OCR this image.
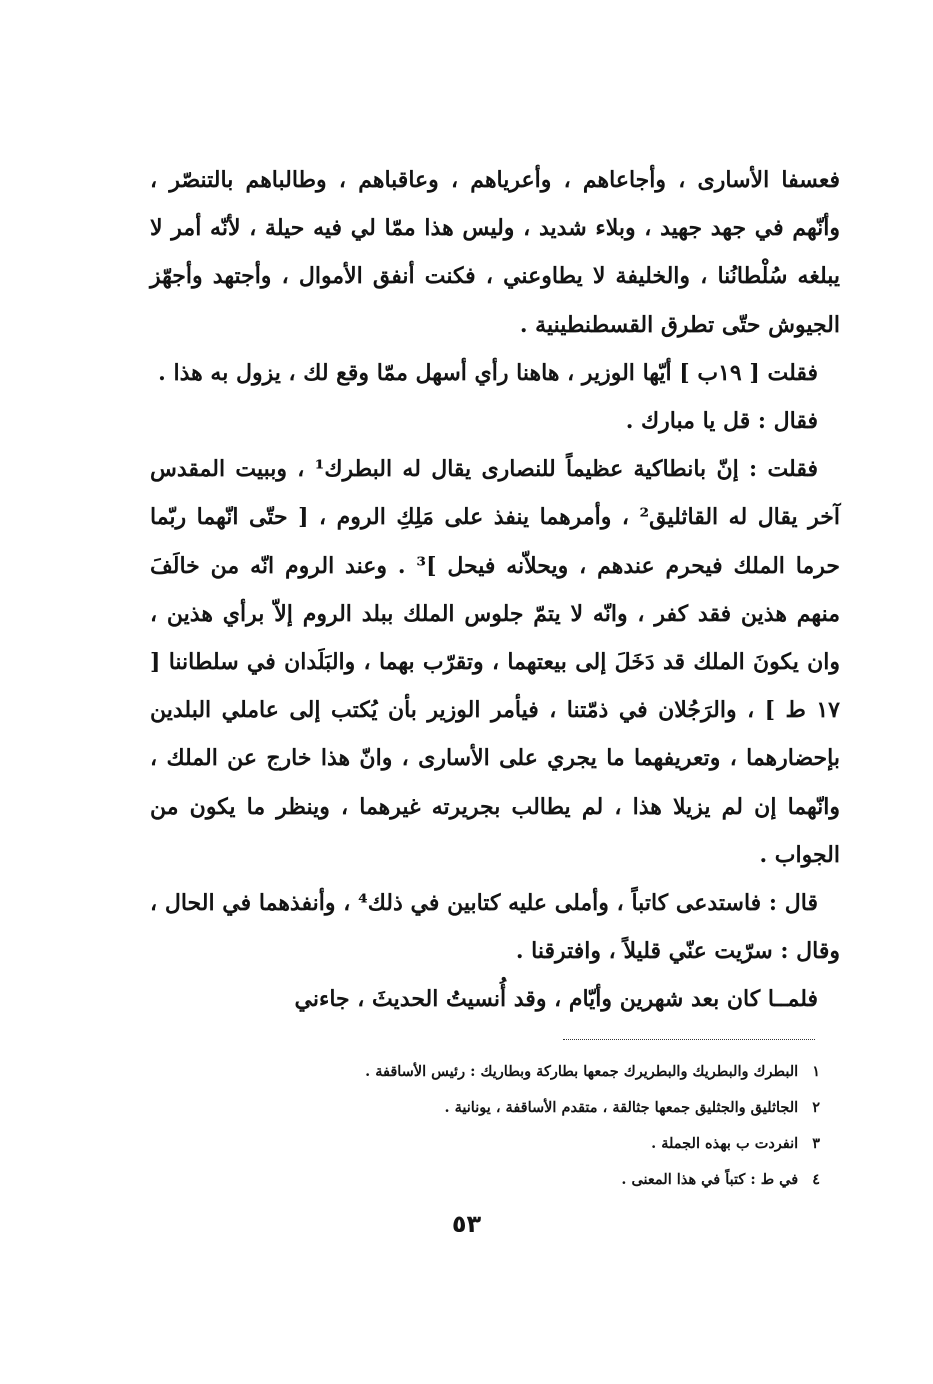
فعسفا الأسارى ، وأجاعاهم ، وأعرياهم ، وعاقباهم ، وطالباهم بالتنصّر ، وأنّهم في جهد جهيد ، وبلاء شديد ، وليس هذا ممّا لي فيه حيلة ، لأنّه أمر لا يبلغه سُلْطانُنا ، والخليفة لا يطاوعني ، فكنت أنفق الأموال ، وأجتهد وأجهّز الجيوش حتّى تطرق القسطنطينية .

فقلت [ ١٩ب ] أيّها الوزير ، هاهنا رأي أسهل ممّا وقع لك ، يزول به هذا .

فقال : قل يا مبارك .

فقلت : إنّ بانطاكية عظيماً للنصارى يقال له البطرك¹ ، وببيت المقدس آخر يقال له القاثليق² ، وأمرهما ينفذ على مَلِكِ الروم ، [ حتّى انّهما ربّما حرما الملك فيحرم عندهم ، ويحلاّنه فيحل ]³ . وعند الروم انّه من خالَفَ منهم هذين فقد كفر ، وانّه لا يتمّ جلوس الملك ببلد الروم إلاّ برأي هذين ، وان يكونَ الملك قد دَخَلَ إلى بيعتهما ، وتقرّب بهما ، والبَلَدان في سلطاننا [ ١٧ ط ] ، والرَجُلان في ذمّتنا ، فيأمر الوزير بأن يُكتب إلى عاملي البلدين بإحضارهما ، وتعريفهما ما يجري على الأسارى ، وانّ هذا خارج عن الملك ، وانّهما إن لم يزيلا هذا ، لم يطالب بجريرته غيرهما ، وينظر ما يكون من الجواب .

قال : فاستدعى كاتباً ، وأملى عليه كتابين في ذلك⁴ ، وأنفذهما في الحال ، وقال : سرّيت عنّي قليلاً ، وافترقنا .

فلمــا كان بعد شهرين وأيّام ، وقد أُنسيتُ الحديثَ ، جاءني

١البطرك والبطريك والبطريرك جمعها بطاركة وبطاريك : رئيس الأساقفة .

٢الجاثليق والجثليق جمعها جثالقة ، متقدم الأساقفة ، يونانية .

٣انفردت ب بهذه الجملة .

٤في ط : كتباً في هذا المعنى .

٥٣
